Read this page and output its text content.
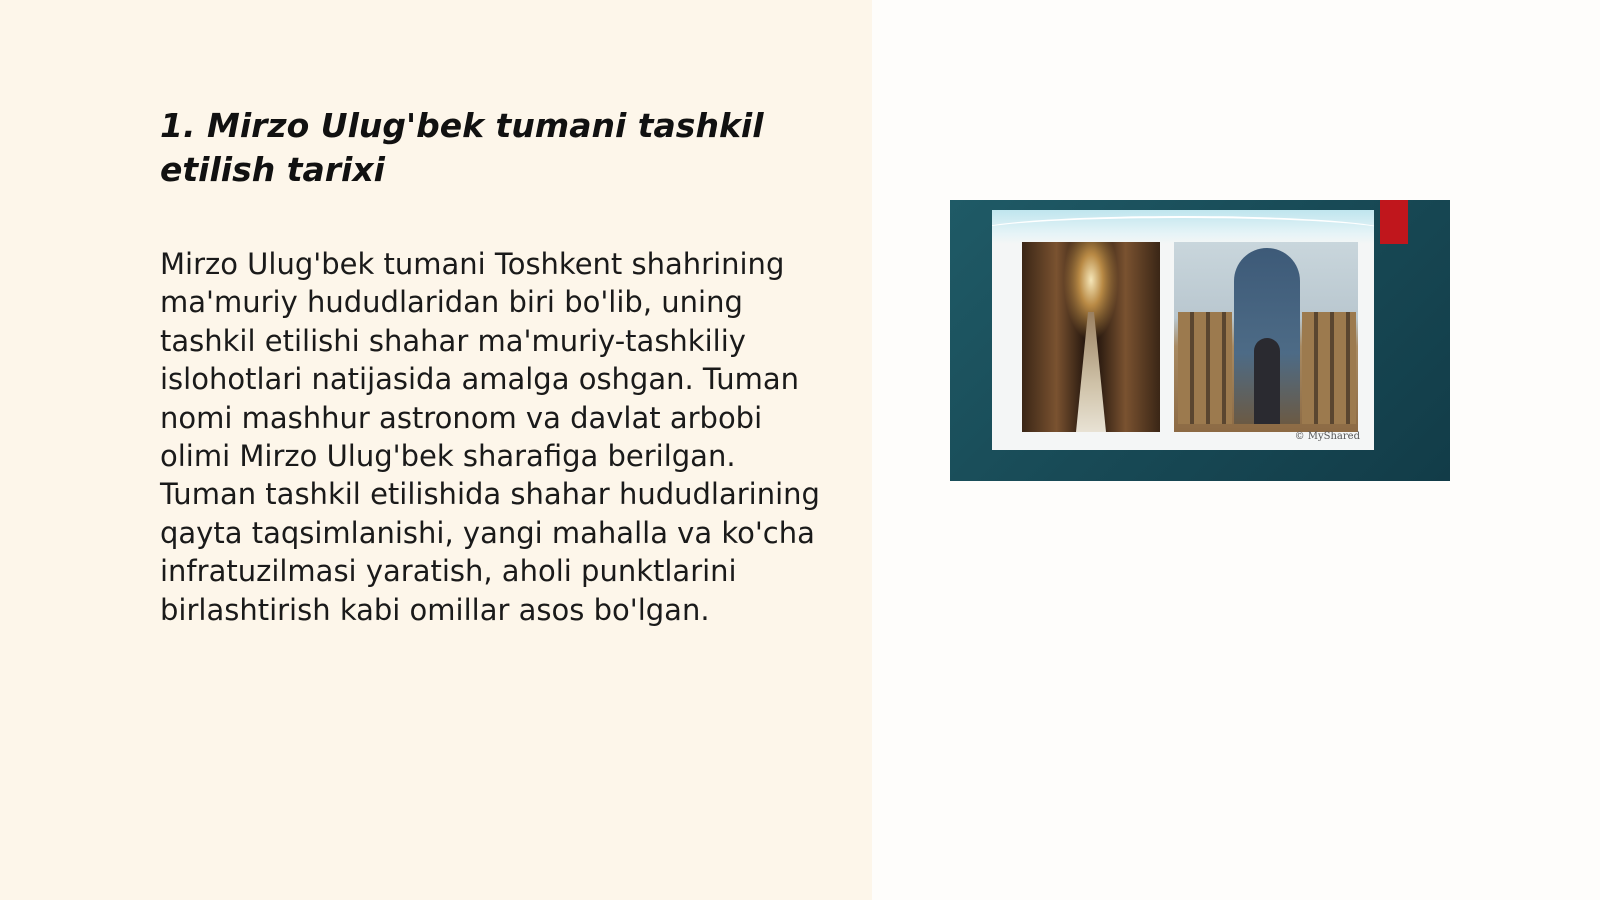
1. Mirzo Ulug'bek tumani tashkil etilish tarixi

Mirzo Ulug'bek tumani Toshkent shahrining ma'muriy hududlaridan biri bo'lib, uning tashkil etilishi shahar ma'muriy-tashkiliy islohotlari natijasida amalga oshgan. Tuman nomi mashhur astronom va davlat arbobi olimi Mirzo Ulug'bek sharafiga berilgan. Tuman tashkil etilishida shahar hududlarining qayta taqsimlanishi, yangi mahalla va ko'cha infratuzilmasi yaratish, aholi punktlarini birlashtirish kabi omillar asos bo'lgan.

© MyShared
